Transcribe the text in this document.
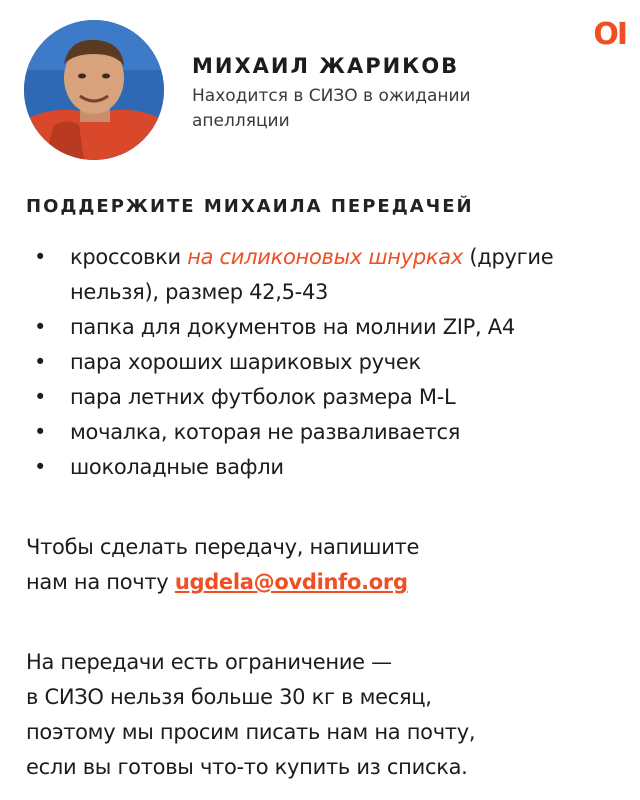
OI
МИХАИЛ ЖАРИКОВ
Находится в СИЗО в ожидании апелляции
ПОДДЕРЖИТЕ МИХАИЛА ПЕРЕДАЧЕЙ
• кроссовки на силиконовых шнурках (другие нельзя), размер 42,5-43
• папка для документов на молнии ZIP, А4
• пара хороших шариковых ручек
• пара летних футболок размера M-L
• мочалка, которая не разваливается
• шоколадные вафли
Чтобы сделать передачу, напишите
нам на почту ugdela@ovdinfo.org
На передачи есть ограничение —
в СИЗО нельзя больше 30 кг в месяц,
поэтому мы просим писать нам на почту,
если вы готовы что-то купить из списка.
